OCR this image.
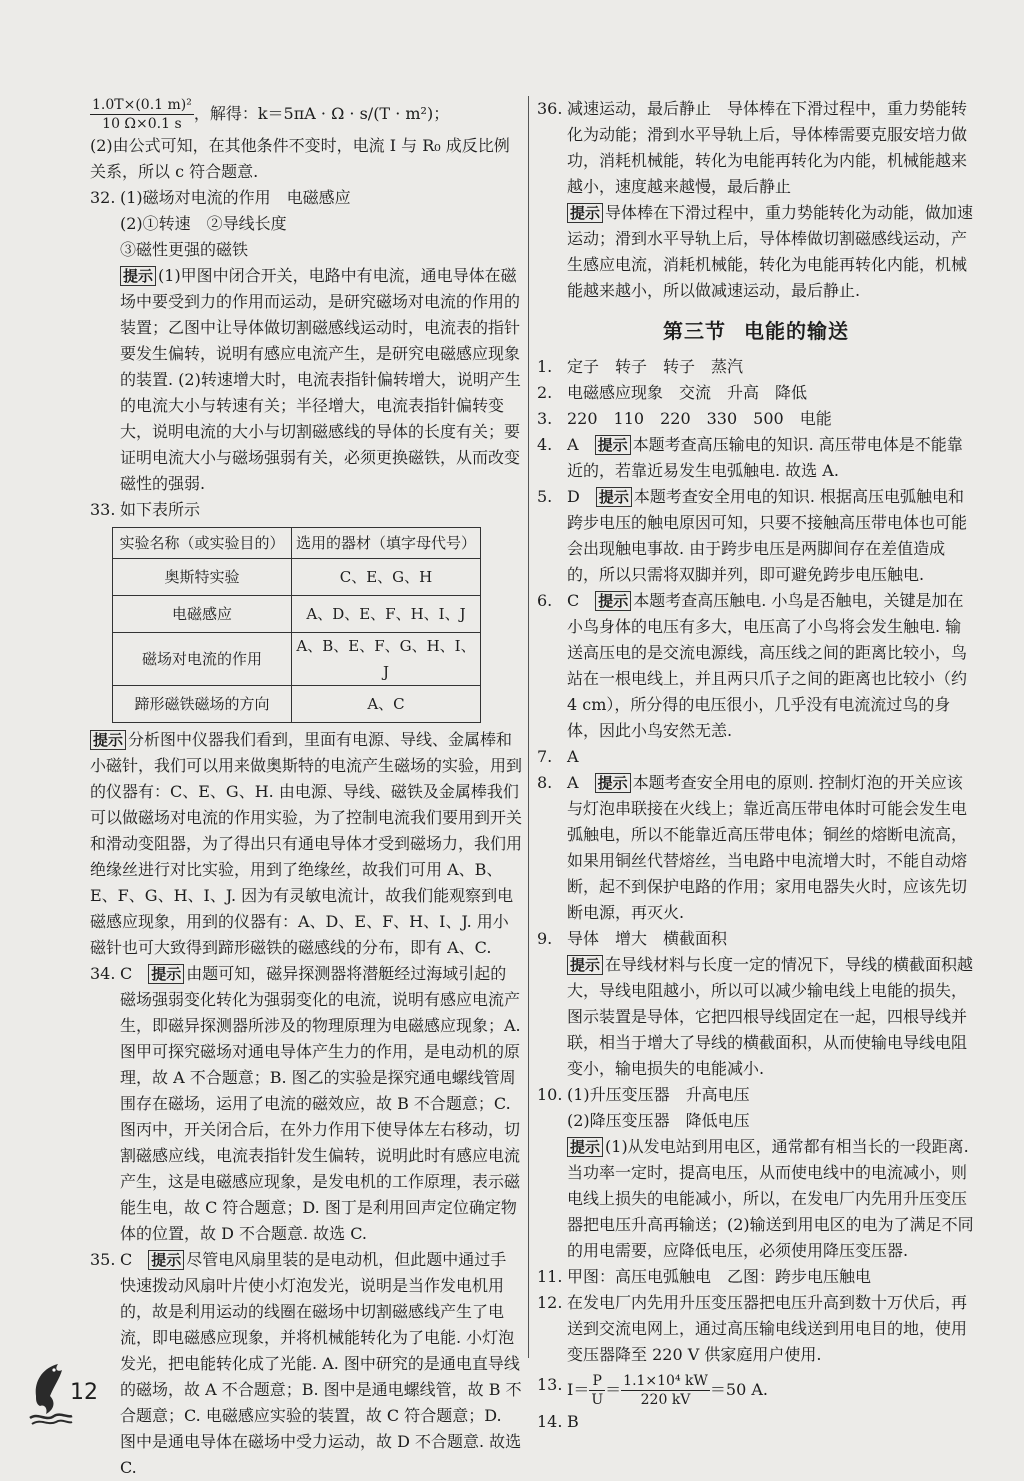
$\frac{\text{1.0T×(0.1 m)²}}{10 \Omega\times 0.1 s}$ ，解得：k＝5πA · Ω · s/(T · m²)；

(2)由公式可知，在其他条件不变时，电流 I 与 R₀ 成反比例关系，所以 c 符合题意.

32. (1)磁场对电流的作用　电磁感应

(2)①转速　②导线长度

③磁性更强的磁铁

提示 (1)甲图中闭合开关，电路中有电流，通电导体在磁场中要受到力的作用而运动，是研究磁场对电流的作用的装置；乙图中让导体做切割磁感线运动时，电流表的指针要发生偏转，说明有感应电流产生，是研究电磁感应现象的装置. (2)转速增大时，电流表指针偏转增大，说明产生的电流大小与转速有关；半径增大，电流表指针偏转变大，说明电流的大小与切割磁感线的导体的长度有关；要证明电流大小与磁场强弱有关，必须更换磁铁，从而改变磁性的强弱.

33. 如下表所示

实验名称（或实验目的）	选用的器材（填字母代号）
奥斯特实验	C、E、G、H
电磁感应	A、D、E、F、H、I、J
磁场对电流的作用	A、B、E、F、G、H、I、J
蹄形磁铁磁场的方向	A、C

提示 分析图中仪器我们看到，里面有电源、导线、金属棒和小磁针，我们可以用来做奥斯特的电流产生磁场的实验，用到的仪器有：C、E、G、H. 由电源、导线、磁铁及金属棒我们可以做磁场对电流的作用实验，为了控制电流我们要用到开关和滑动变阻器，为了得出只有通电导体才受到磁场力，我们用绝缘丝进行对比实验，用到了绝缘丝，故我们可用 A、B、E、F、G、H、I、J. 因为有灵敏电流计，故我们能观察到电磁感应现象，用到的仪器有：A、D、E、F、H、I、J. 用小磁针也可大致得到蹄形磁铁的磁感线的分布，即有 A、C.

34. C　 提示 由题可知，磁异探测器将潜艇经过海域引起的磁场强弱变化转化为强弱变化的电流，说明有感应电流产生，即磁异探测器所涉及的物理原理为电磁感应现象；A. 图甲可探究磁场对通电导体产生力的作用，是电动机的原理，故 A 不合题意；B. 图乙的实验是探究通电螺线管周围存在磁场，运用了电流的磁效应，故 B 不合题意；C. 图丙中，开关闭合后，在外力作用下使导体左右移动，切割磁感应线，电流表指针发生偏转，说明此时有感应电流产生，这是电磁感应现象，是发电机的工作原理，表示磁能生电，故 C 符合题意；D. 图丁是利用回声定位确定物体的位置，故 D 不合题意. 故选 C.

35. C　 提示 尽管电风扇里装的是电动机，但此题中通过手快速拨动风扇叶片使小灯泡发光，说明是当作发电机用的，故是利用运动的线圈在磁场中切割磁感线产生了电流，即电磁感应现象，并将机械能转化为了电能. 小灯泡发光，把电能转化成了光能. A. 图中研究的是通电直导线的磁场，故 A 不合题意；B. 图中是通电螺线管，故 B 不合题意；C. 电磁感应实验的装置，故 C 符合题意；D. 图中是通电导体在磁场中受力运动，故 D 不合题意. 故选 C.

36. 减速运动，最后静止　导体棒在下滑过程中，重力势能转化为动能；滑到水平导轨上后，导体棒需要克服安培力做功，消耗机械能，转化为电能再转化为内能，机械能越来越小，速度越来越慢，最后静止

提示 导体棒在下滑过程中，重力势能转化为动能，做加速运动；滑到水平导轨上后，导体棒做切割磁感线运动，产生感应电流，消耗机械能，转化为电能再转化内能，机械能越来越小，所以做减速运动，最后静止.

第三节 电能的输送
1. 定子　转子　转子　蒸汽

2. 电磁感应现象　交流　升高　降低

3. 220　110　220　330　500　电能

4. A　 提示 本题考查高压输电的知识. 高压带电体是不能靠近的，若靠近易发生电弧触电. 故选 A.

5. D　 提示 本题考查安全用电的知识. 根据高压电弧触电和跨步电压的触电原因可知，只要不接触高压带电体也可能会出现触电事故. 由于跨步电压是两脚间存在差值造成的，所以只需将双脚并列，即可避免跨步电压触电.

6. C　 提示 本题考查高压触电. 小鸟是否触电，关键是加在小鸟身体的电压有多大，电压高了小鸟将会发生触电. 输送高压电的是交流电源线，高压线之间的距离比较小，鸟站在一根电线上，并且两只爪子之间的距离也比较小（约 4 cm），所分得的电压很小，几乎没有电流流过鸟的身体，因此小鸟安然无恙.

7. A

8. A　 提示 本题考查安全用电的原则. 控制灯泡的开关应该与灯泡串联接在火线上；靠近高压带电体时可能会发生电弧触电，所以不能靠近高压带电体；铜丝的熔断电流高，如果用铜丝代替熔丝，当电路中电流增大时，不能自动熔断，起不到保护电路的作用；家用电器失火时，应该先切断电源，再灭火.

9. 导体　增大　横截面积

提示 在导线材料与长度一定的情况下，导线的横截面积越大，导线电阻越小，所以可以减少输电线上电能的损失，图示装置是导体，它把四根导线固定在一起，四根导线并联，相当于增大了导线的横截面积，从而使输电导线电阻变小，输电损失的电能减小.

10. (1)升压变压器　升高电压

(2)降压变压器　降低电压

提示 (1)从发电站到用电区，通常都有相当长的一段距离. 当功率一定时，提高电压，从而使电线中的电流减小，则电线上损失的电能减小，所以，在发电厂内先用升压变压器把电压升高再输送；(2)输送到用电区的电为了满足不同的用电需要，应降低电压，必须使用降压变压器.

11. 甲图：高压电弧触电　乙图：跨步电压触电

12. 在发电厂内先用升压变压器把电压升高到数十万伏后，再送到交流电网上，通过高压输电线送到用电目的地，使用变压器降至 220 V 供家庭用户使用.

13. $I= \frac{P}{U} = \frac{\text{1.1×10⁴ kW}}{220 kV} =50$ A.
14. B

12
